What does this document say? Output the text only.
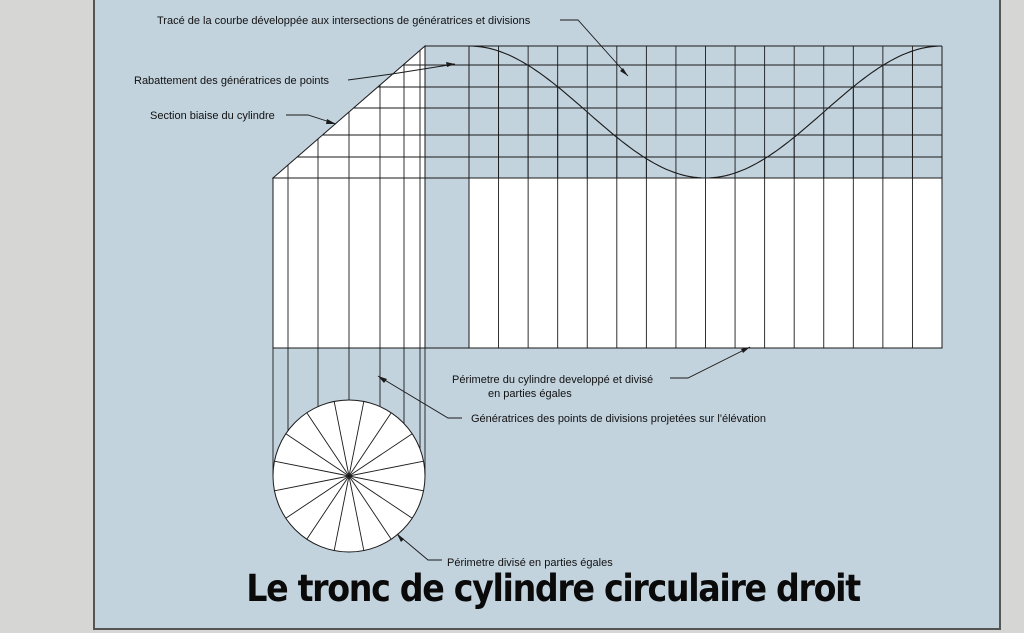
Tracé de la courbe développée aux intersections de génératrices et divisions
Rabattement des génératrices de points
Section biaise du cylindre
Périmetre du cylindre developpé et divisé
en parties égales
Génératrices des points de divisions projetées sur l'élévation
Périmetre divisé en parties égales
Le tronc de cylindre circulaire droit
